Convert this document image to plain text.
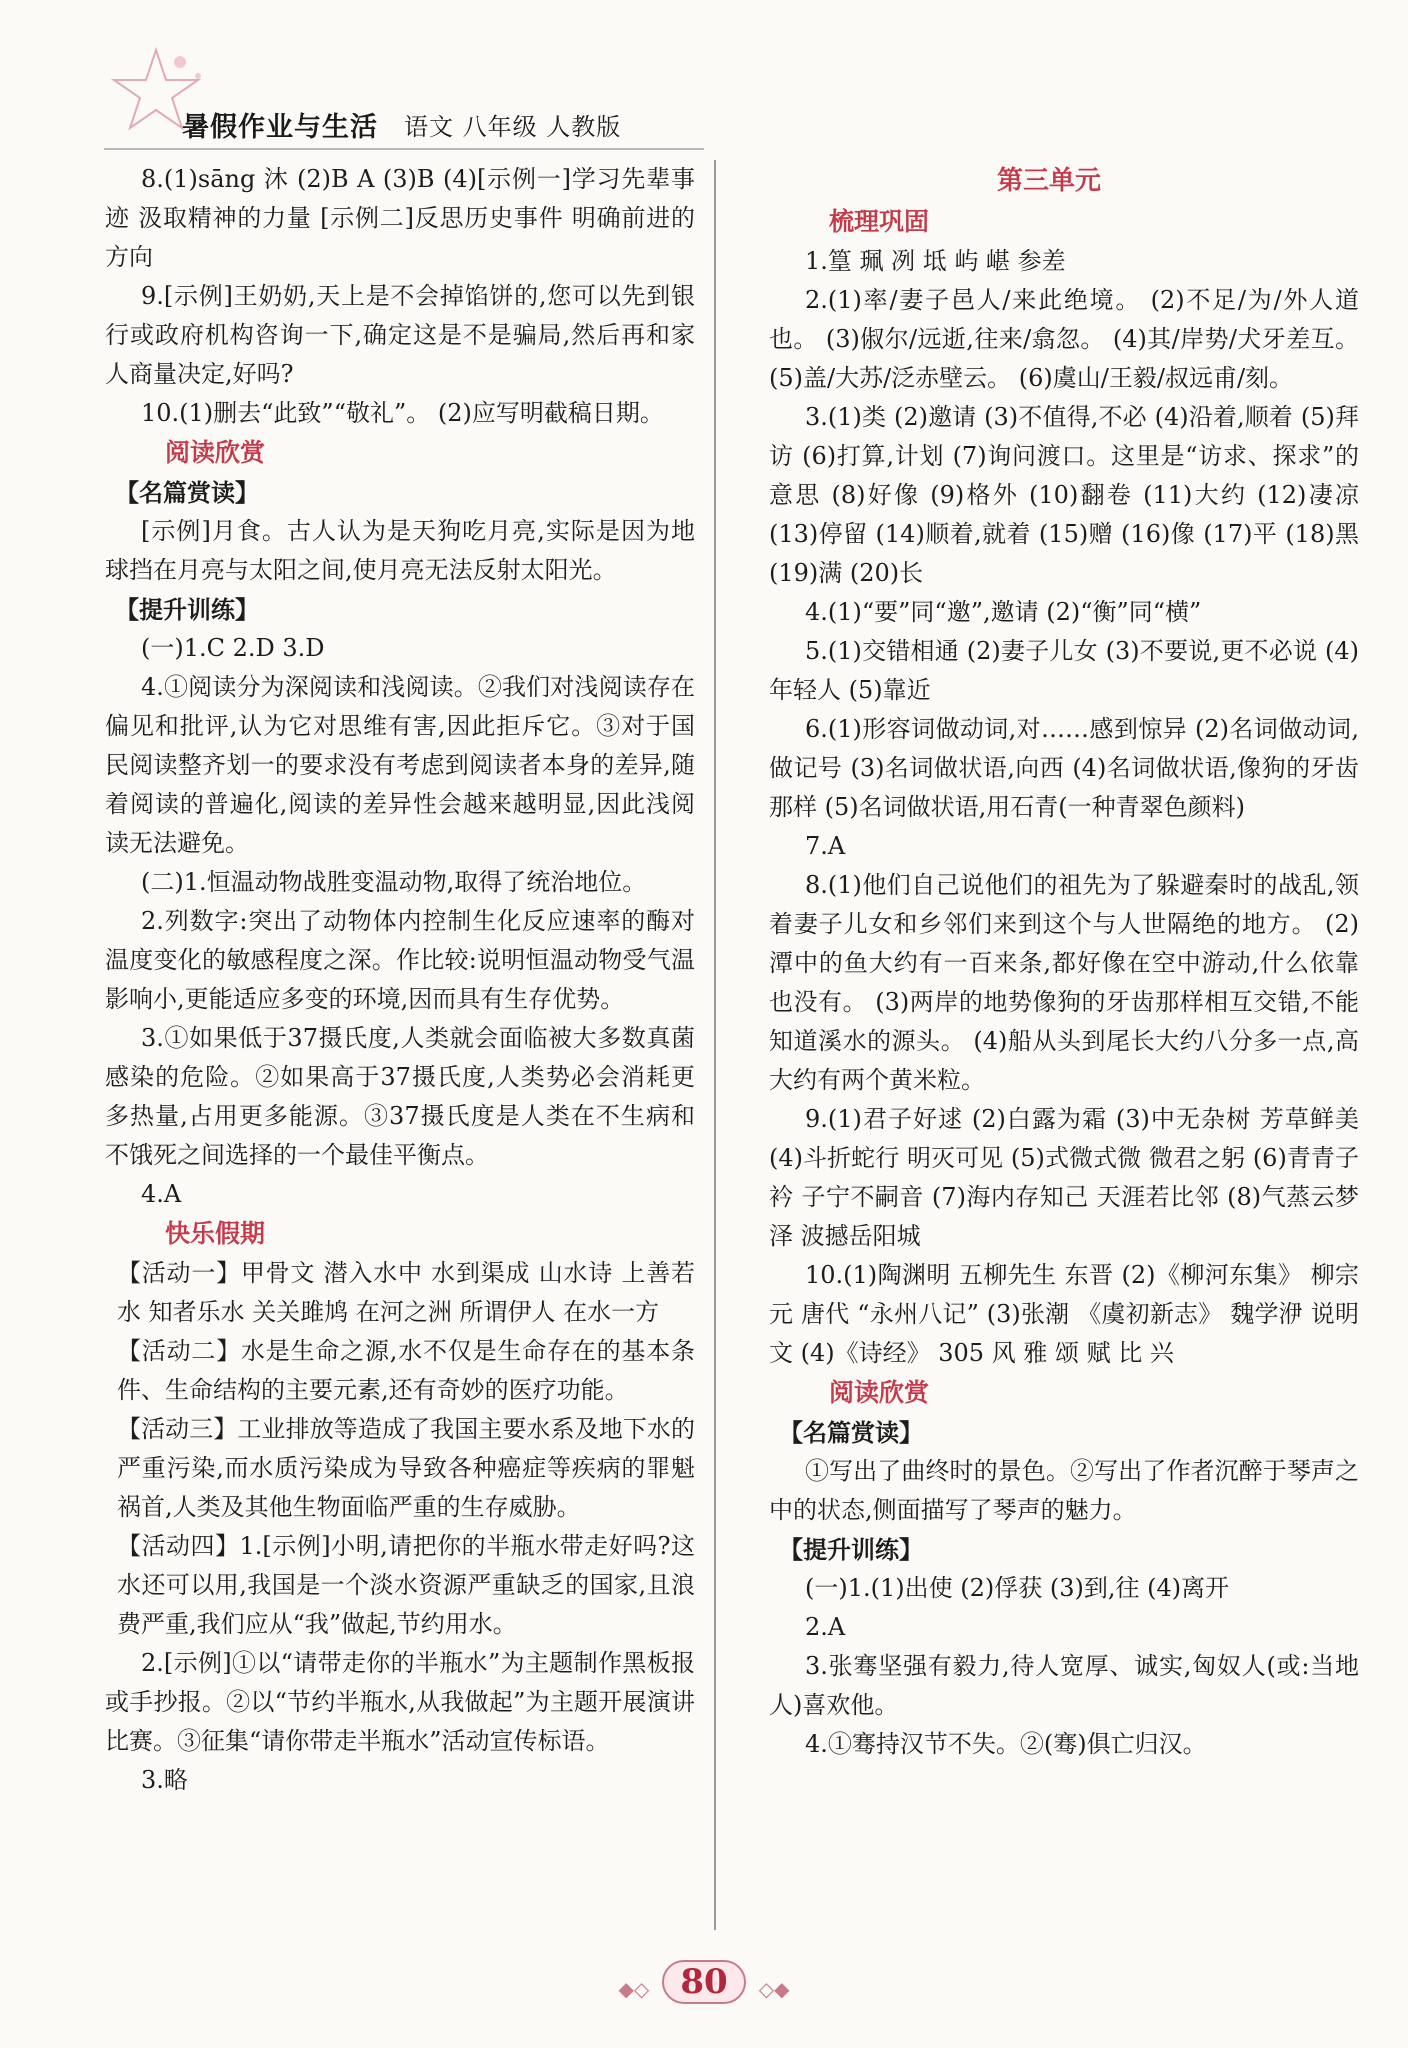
暑假作业与生活 语文 八年级 人教版
8.(1)sāng 沐 (2)B A (3)B (4)[示例一]学习先辈事迹 汲取精神的力量 [示例二]反思历史事件 明确前进的方向
9.[示例]王奶奶,天上是不会掉馅饼的,您可以先到银行或政府机构咨询一下,确定这是不是骗局,然后再和家人商量决定,好吗?
10.(1)删去“此致”“敬礼”。 (2)应写明截稿日期。
阅读欣赏
【名篇赏读】
[示例]月食。古人认为是天狗吃月亮,实际是因为地球挡在月亮与太阳之间,使月亮无法反射太阳光。
【提升训练】
(一)1.C 2.D 3.D
4.①阅读分为深阅读和浅阅读。②我们对浅阅读存在偏见和批评,认为它对思维有害,因此拒斥它。③对于国民阅读整齐划一的要求没有考虑到阅读者本身的差异,随着阅读的普遍化,阅读的差异性会越来越明显,因此浅阅读无法避免。
(二)1.恒温动物战胜变温动物,取得了统治地位。
2.列数字:突出了动物体内控制生化反应速率的酶对温度变化的敏感程度之深。作比较:说明恒温动物受气温影响小,更能适应多变的环境,因而具有生存优势。
3.①如果低于37摄氏度,人类就会面临被大多数真菌感染的危险。②如果高于37摄氏度,人类势必会消耗更多热量,占用更多能源。③37摄氏度是人类在不生病和不饿死之间选择的一个最佳平衡点。
4.A
快乐假期
【活动一】甲骨文 潜入水中 水到渠成 山水诗 上善若水 知者乐水 关关雎鸠 在河之洲 所谓伊人 在水一方
【活动二】水是生命之源,水不仅是生命存在的基本条件、生命结构的主要元素,还有奇妙的医疗功能。
【活动三】工业排放等造成了我国主要水系及地下水的严重污染,而水质污染成为导致各种癌症等疾病的罪魁祸首,人类及其他生物面临严重的生存威胁。
【活动四】1.[示例]小明,请把你的半瓶水带走好吗?这水还可以用,我国是一个淡水资源严重缺乏的国家,且浪费严重,我们应从“我”做起,节约用水。
2.[示例]①以“请带走你的半瓶水”为主题制作黑板报或手抄报。②以“节约半瓶水,从我做起”为主题开展演讲比赛。③征集“请你带走半瓶水”活动宣传标语。
3.略
第三单元
梳理巩固
1.篁 珮 冽 坻 屿 嵁 参差
2.(1)率/妻子邑人/来此绝境。 (2)不足/为/外人道也。 (3)俶尔/远逝,往来/翕忽。 (4)其/岸势/犬牙差互。 (5)盖/大苏/泛赤壁云。 (6)虞山/王毅/叔远甫/刻。
3.(1)类 (2)邀请 (3)不值得,不必 (4)沿着,顺着 (5)拜访 (6)打算,计划 (7)询问渡口。这里是“访求、探求”的意思 (8)好像 (9)格外 (10)翻卷 (11)大约 (12)凄凉 (13)停留 (14)顺着,就着 (15)赠 (16)像 (17)平 (18)黑 (19)满 (20)长
4.(1)“要”同“邀”,邀请 (2)“衡”同“横”
5.(1)交错相通 (2)妻子儿女 (3)不要说,更不必说 (4)年轻人 (5)靠近
6.(1)形容词做动词,对……感到惊异 (2)名词做动词,做记号 (3)名词做状语,向西 (4)名词做状语,像狗的牙齿那样 (5)名词做状语,用石青(一种青翠色颜料)
7.A
8.(1)他们自己说他们的祖先为了躲避秦时的战乱,领着妻子儿女和乡邻们来到这个与人世隔绝的地方。 (2)潭中的鱼大约有一百来条,都好像在空中游动,什么依靠也没有。 (3)两岸的地势像狗的牙齿那样相互交错,不能知道溪水的源头。 (4)船从头到尾长大约八分多一点,高大约有两个黄米粒。
9.(1)君子好逑 (2)白露为霜 (3)中无杂树 芳草鲜美 (4)斗折蛇行 明灭可见 (5)式微式微 微君之躬 (6)青青子衿 子宁不嗣音 (7)海内存知己 天涯若比邻 (8)气蒸云梦泽 波撼岳阳城
10.(1)陶渊明 五柳先生 东晋 (2)《柳河东集》 柳宗元 唐代 “永州八记” (3)张潮 《虞初新志》 魏学洢 说明文 (4)《诗经》 305 风 雅 颂 赋 比 兴
阅读欣赏
【名篇赏读】
①写出了曲终时的景色。②写出了作者沉醉于琴声之中的状态,侧面描写了琴声的魅力。
【提升训练】
(一)1.(1)出使 (2)俘获 (3)到,往 (4)离开
2.A
3.张骞坚强有毅力,待人宽厚、诚实,匈奴人(或:当地人)喜欢他。
4.①骞持汉节不失。②(骞)俱亡归汉。
◆◇ 80 ◇◆
